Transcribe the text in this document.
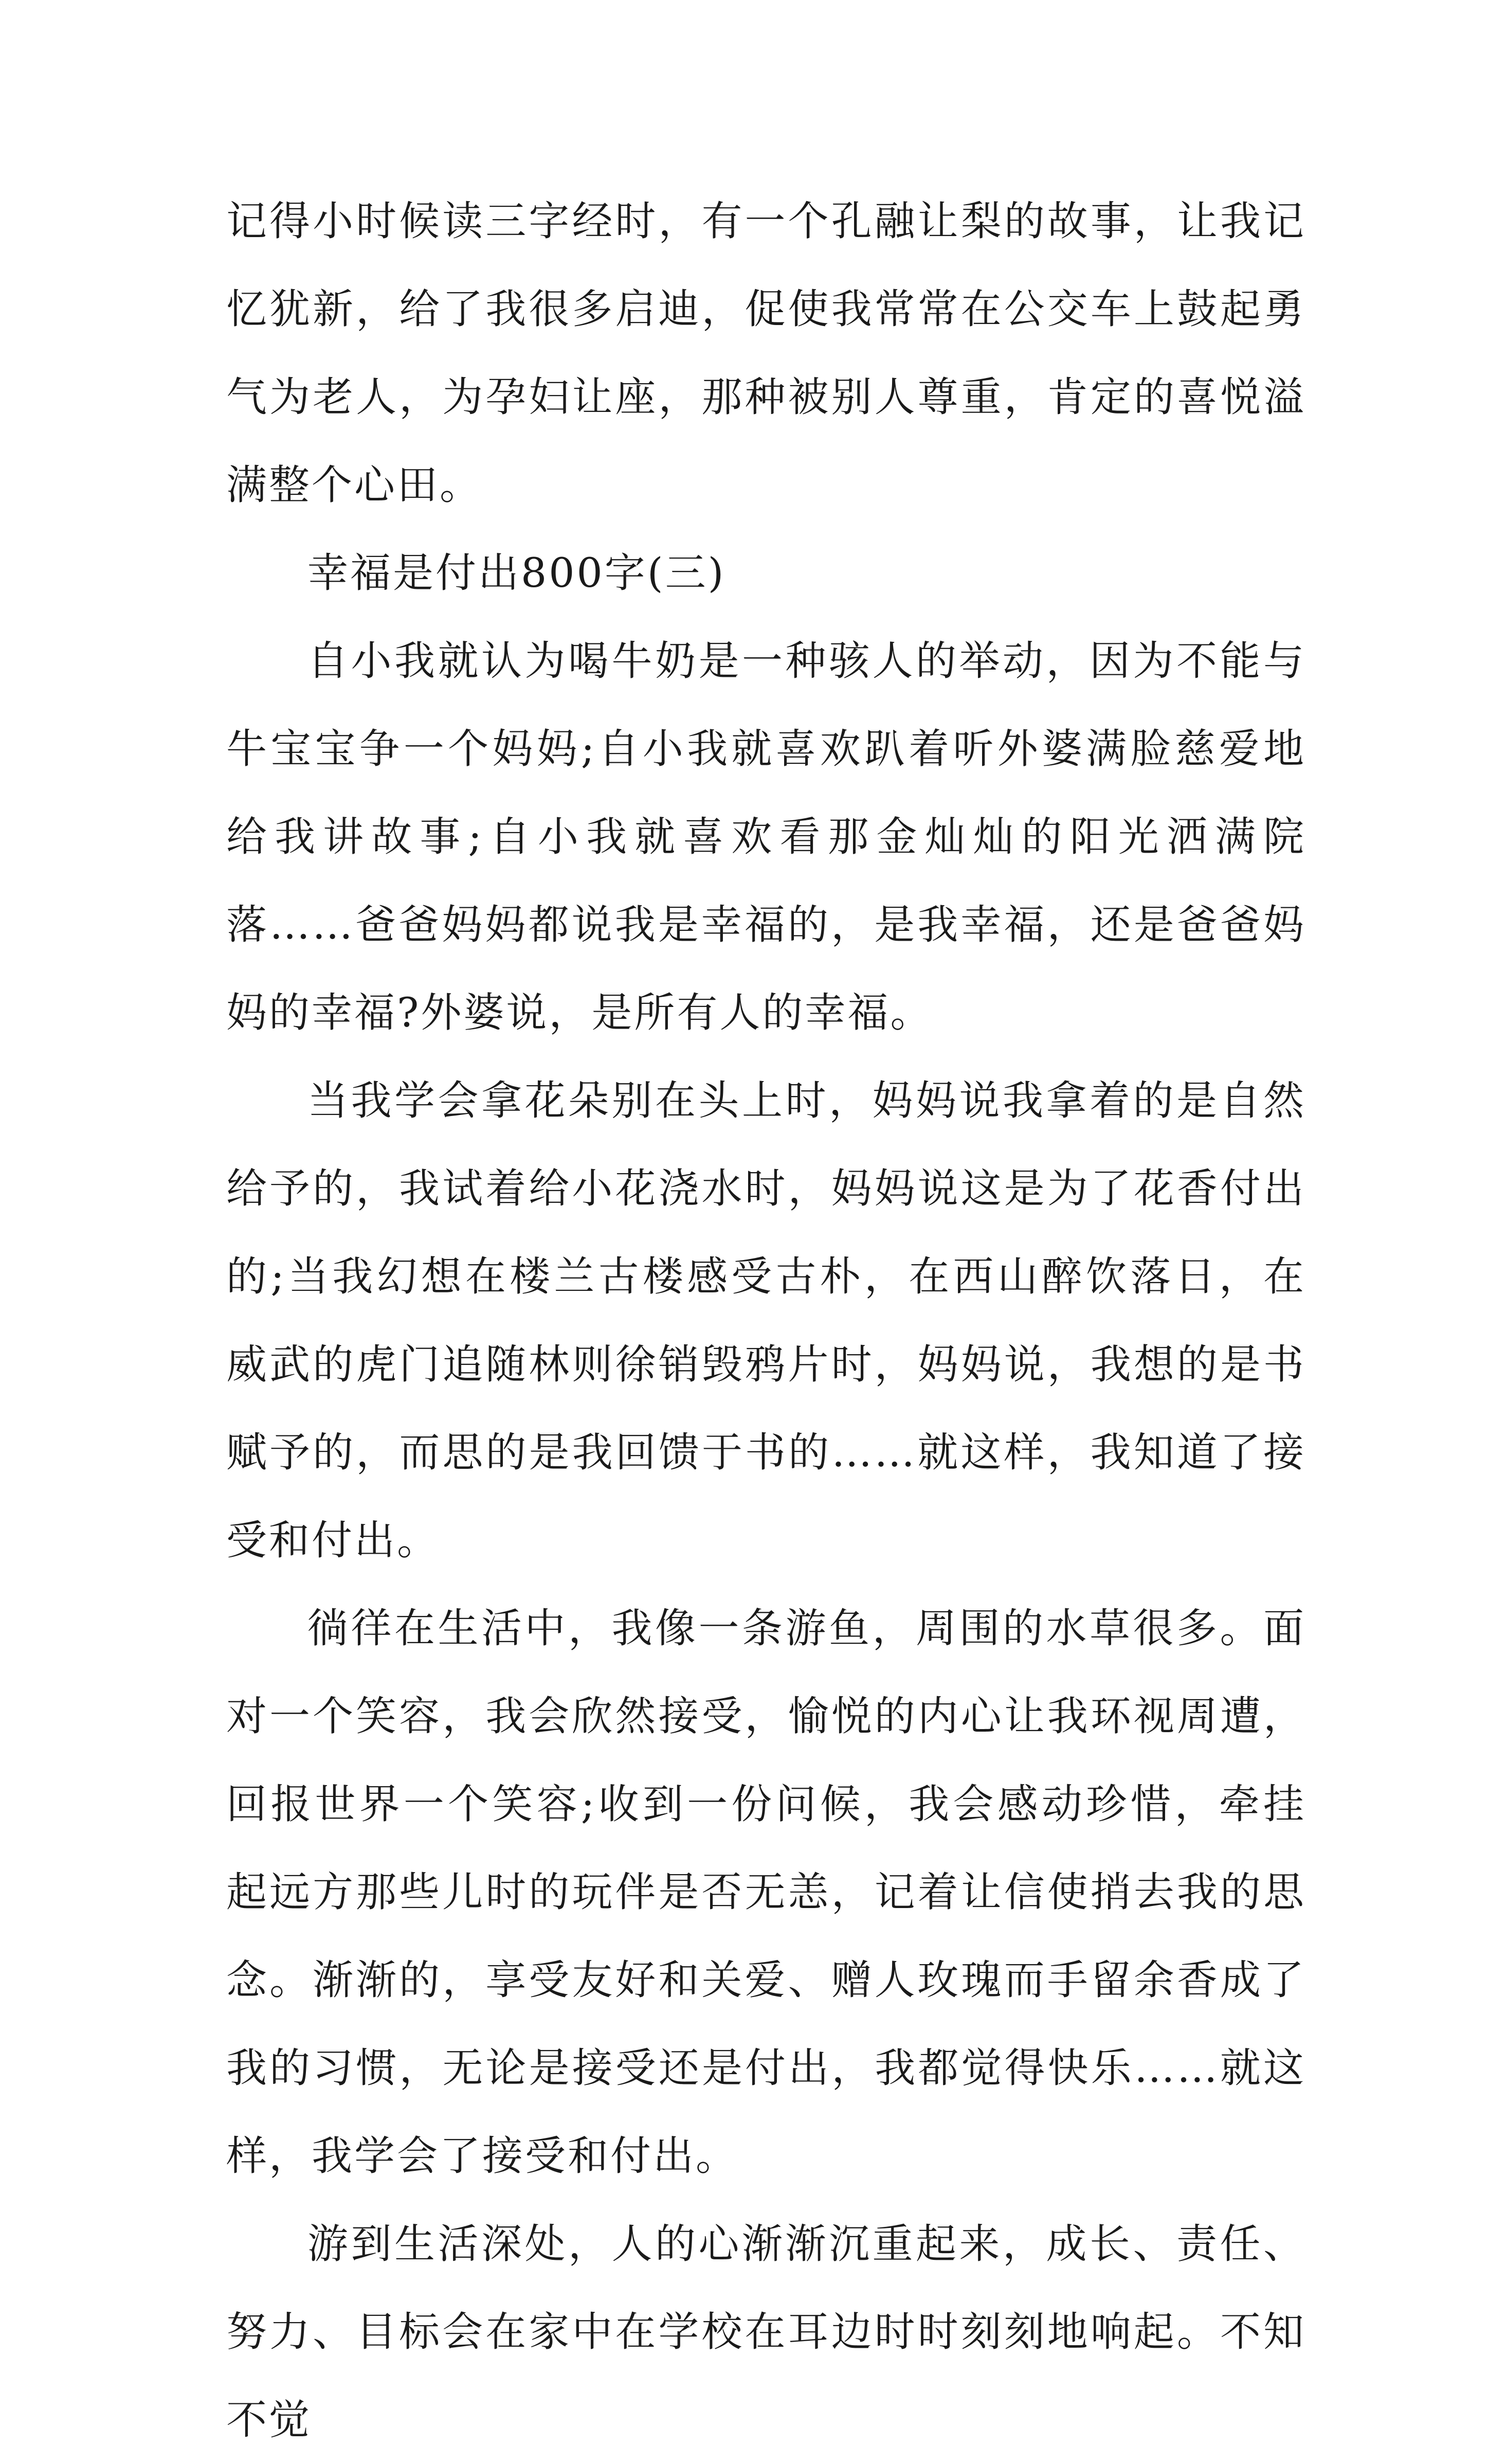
记得小时候读三字经时，有一个孔融让梨的故事，让我记忆犹新，给了我很多启迪，促使我常常在公交车上鼓起勇气为老人，为孕妇让座，那种被别人尊重，肯定的喜悦溢满整个心田。

幸福是付出800字(三)

自小我就认为喝牛奶是一种骇人的举动，因为不能与牛宝宝争一个妈妈;自小我就喜欢趴着听外婆满脸慈爱地给我讲故事;自小我就喜欢看那金灿灿的阳光洒满院落……爸爸妈妈都说我是幸福的，是我幸福，还是爸爸妈妈的幸福?外婆说，是所有人的幸福。

当我学会拿花朵别在头上时，妈妈说我拿着的是自然给予的，我试着给小花浇水时，妈妈说这是为了花香付出的;当我幻想在楼兰古楼感受古朴，在西山醉饮落日，在威武的虎门追随林则徐销毁鸦片时，妈妈说，我想的是书赋予的，而思的是我回馈于书的……就这样，我知道了接受和付出。

徜徉在生活中，我像一条游鱼，周围的水草很多。面对一个笑容，我会欣然接受，愉悦的内心让我环视周遭，回报世界一个笑容;收到一份问候，我会感动珍惜，牵挂起远方那些儿时的玩伴是否无恙，记着让信使捎去我的思念。渐渐的，享受友好和关爱、赠人玫瑰而手留余香成了我的习惯，无论是接受还是付出，我都觉得快乐……就这样，我学会了接受和付出。

游到生活深处，人的心渐渐沉重起来，成长、责任、努力、目标会在家中在学校在耳边时时刻刻地响起。不知不觉
